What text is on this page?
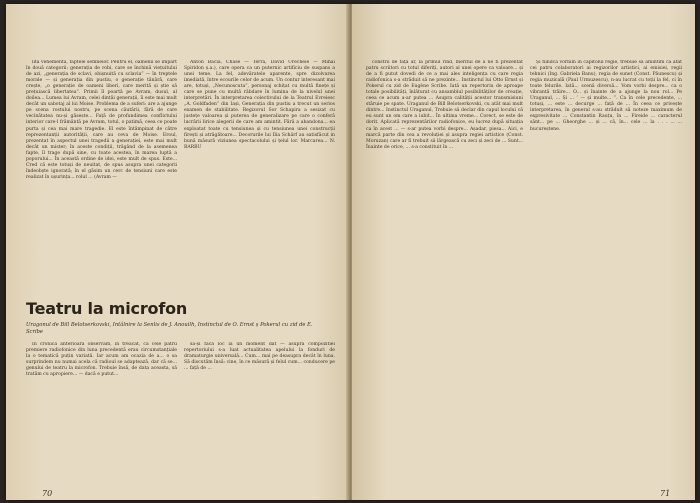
lită vehementă, faptele semnelor. Pentru el, oamenii se împart în două categorii: generația de robi, care se închină viețuitului de azi, „generația de sclavi, obișnuită cu sclavia” — în treptele morale — și generația din pustiu, o generație tânără, care crește, „o generație de oameni liberi, care meritǎ și știe să prețuiască libertatea”. Primii îl poartă pe Avram, dusul, al doilea... Lumea lui Avram, celei dintâi generații, îi este mai mult decât un sabotaj al lui Moise. Problema de a suferi: are a ajunge pe scena rostului nostru, pe scena căutării, fără de care vecinătatea nu-și găsește... Față de profundimea conflictului interior care-l frământă pe Avram, totul, o patimă, ceea ce poate purta și cea mai mare tragedie. El este întâmpinat de către reprezentanții autorității, care au ceva de Moise. Eroul, prezentat în aspectul unei tragedii a generației, este mai mult decât un mister; în aceste condiții, trăgând de la asemenea fapte, îl trage după sine, cu toate acestea, în marea luptă a poporului... În această ordine de idei, este mult de spus. Este... Cred că este totuși de neuitat, de spus asupra unei categorii îndeobște ignorată; în el găsim un cerc de tensiuni care este realizat în ușurința... rolul ... (Avram —

Anton Bacia, Chase — Terra, David Urecheie — Mihai Spiridon ș.a.), care opera ca un puternic artificiu de suspans a unei teme. La fel, adevăratele aparente, spre dizolvarea imediată, între ecourile celor de acum. Un contur interesant mai are, totuși, „Necunoscuta”, personaj schițat cu multă finețe și care se pune cu multă răbdare în lumina de la nivelul unei interpretări. În interpretarea colectivului de la Teatrul Evreiesc „A. Goldfaden” din Iași, Generația din pustiu a trecut un serios examen de stabilitate. Regizorul Sor Schapira a sesizat cu justețe valoarea și puterea de generalizare pe care o conferă lucrării lirice alegerii de care am amintit. Fără a abandona... ea exploatat toate cu tensiunea și cu tensiunea unei construcții firești și atrăgătoare... Decorurile lui Ilia Schärf au satisfăcut in bună măsură viziunea spectacolului și țelul lor. Marcarea... N. BARBU

Teatru la microfon
Uragonul de Bill Belotserkovski, Intâlnire la Senlis de J. Anouilh, Instinctul de O. Ernst ș Pokerul cu zid de E. Scribe

În cronica anterioară observam, în treacăt, că cele patru premiere radiofonice din luna precedentă erau circumstanțiale la o tematică puțin variată. Iar acum am ocazia de a... o sa surprindem nu numai acela că radioul se adaptează, dar că se... genului de teatru la microfon. Trebuie însă, de data aceasta, să tratăm cu apropiere... — dacă e putut...

să-și facă loc la un moment dat — asupra compozitiei repertoriului s-a luat actualitatea apelului la fonduri de dramaturgie universală... Cum... mai pe deasupra decât în luna. Să discutăm însă: cine, în ce măsură și felul cum... conducere pe ... față de ...

70

constriî de față ar, la primul rînd, meritul de a ne fi prezentat patru scriitori cu totul diferiți, autori al unei opere ca valoare... și de a fi putut dovedi de ce a mai ales inteligența cu care regia radiofonica s-a străduit să ne prezinte... Instinctul lui Otto Ernst și Pokerul cu zid de Eugène Scribe. Iată un repertoriu de aproape totale posibilități, înlăturat cu ansamblul posibilităților de creație, ceea ce acum a-ar putea ... Asupra calității acestor transmisiuni stăruie pe spate. Uraganul de Bill Belotserkovski, cu atât mai mult dintre... Instinctul Uraganul, Trebuie să declar din capul locului că eu sunt un om care a iubit... În ultima vreme... Corect, se este de dorit. Aplicată reprezentărilor radiofonice, eu lucrez după situația ca în acest ... — s-ar putea vorbi despre... Așadar, piesa... Aici, e marcă parte din cea a revoluției și asupra regiei artistice (Const. Moruzan) care ar fi trebuit să lărgească cu zeci și zeci de ... Sunt... Înainte de orice, ... s-a constituit în ...

Și fiindcă vorbim în capitolul regie, trebuie să amintim că atât cei patru colaboratori ai regizorilor artistici, ai emisiei, regii tehnici (Ing. Gabriela Banu), regia de sunet (Const. Păunescu) și regia muzicală (Paul Urmuzescu), n-au lucrat cu toții la fel, ci în toate felurile. Iată... scenă diversă... Vom vorbi despre... ca o vibrantă trăire... O... și înainte de a ajunge la nou rol... Pe Uraganul, ... Și ... ’ — și multe... ”. Ca în cele precedente, ... totuși, ... este ... decurge ... față de ... În ceea ce privește interpretarea, în general s-au străduit să noteze maximum de expresivitate ... Constantin Rauțu, în ... Fireide ... caracterul sânt... pe ... Gheorghe ... și ... că, în... cele ... la . . . ... ... bucureștene.

71
